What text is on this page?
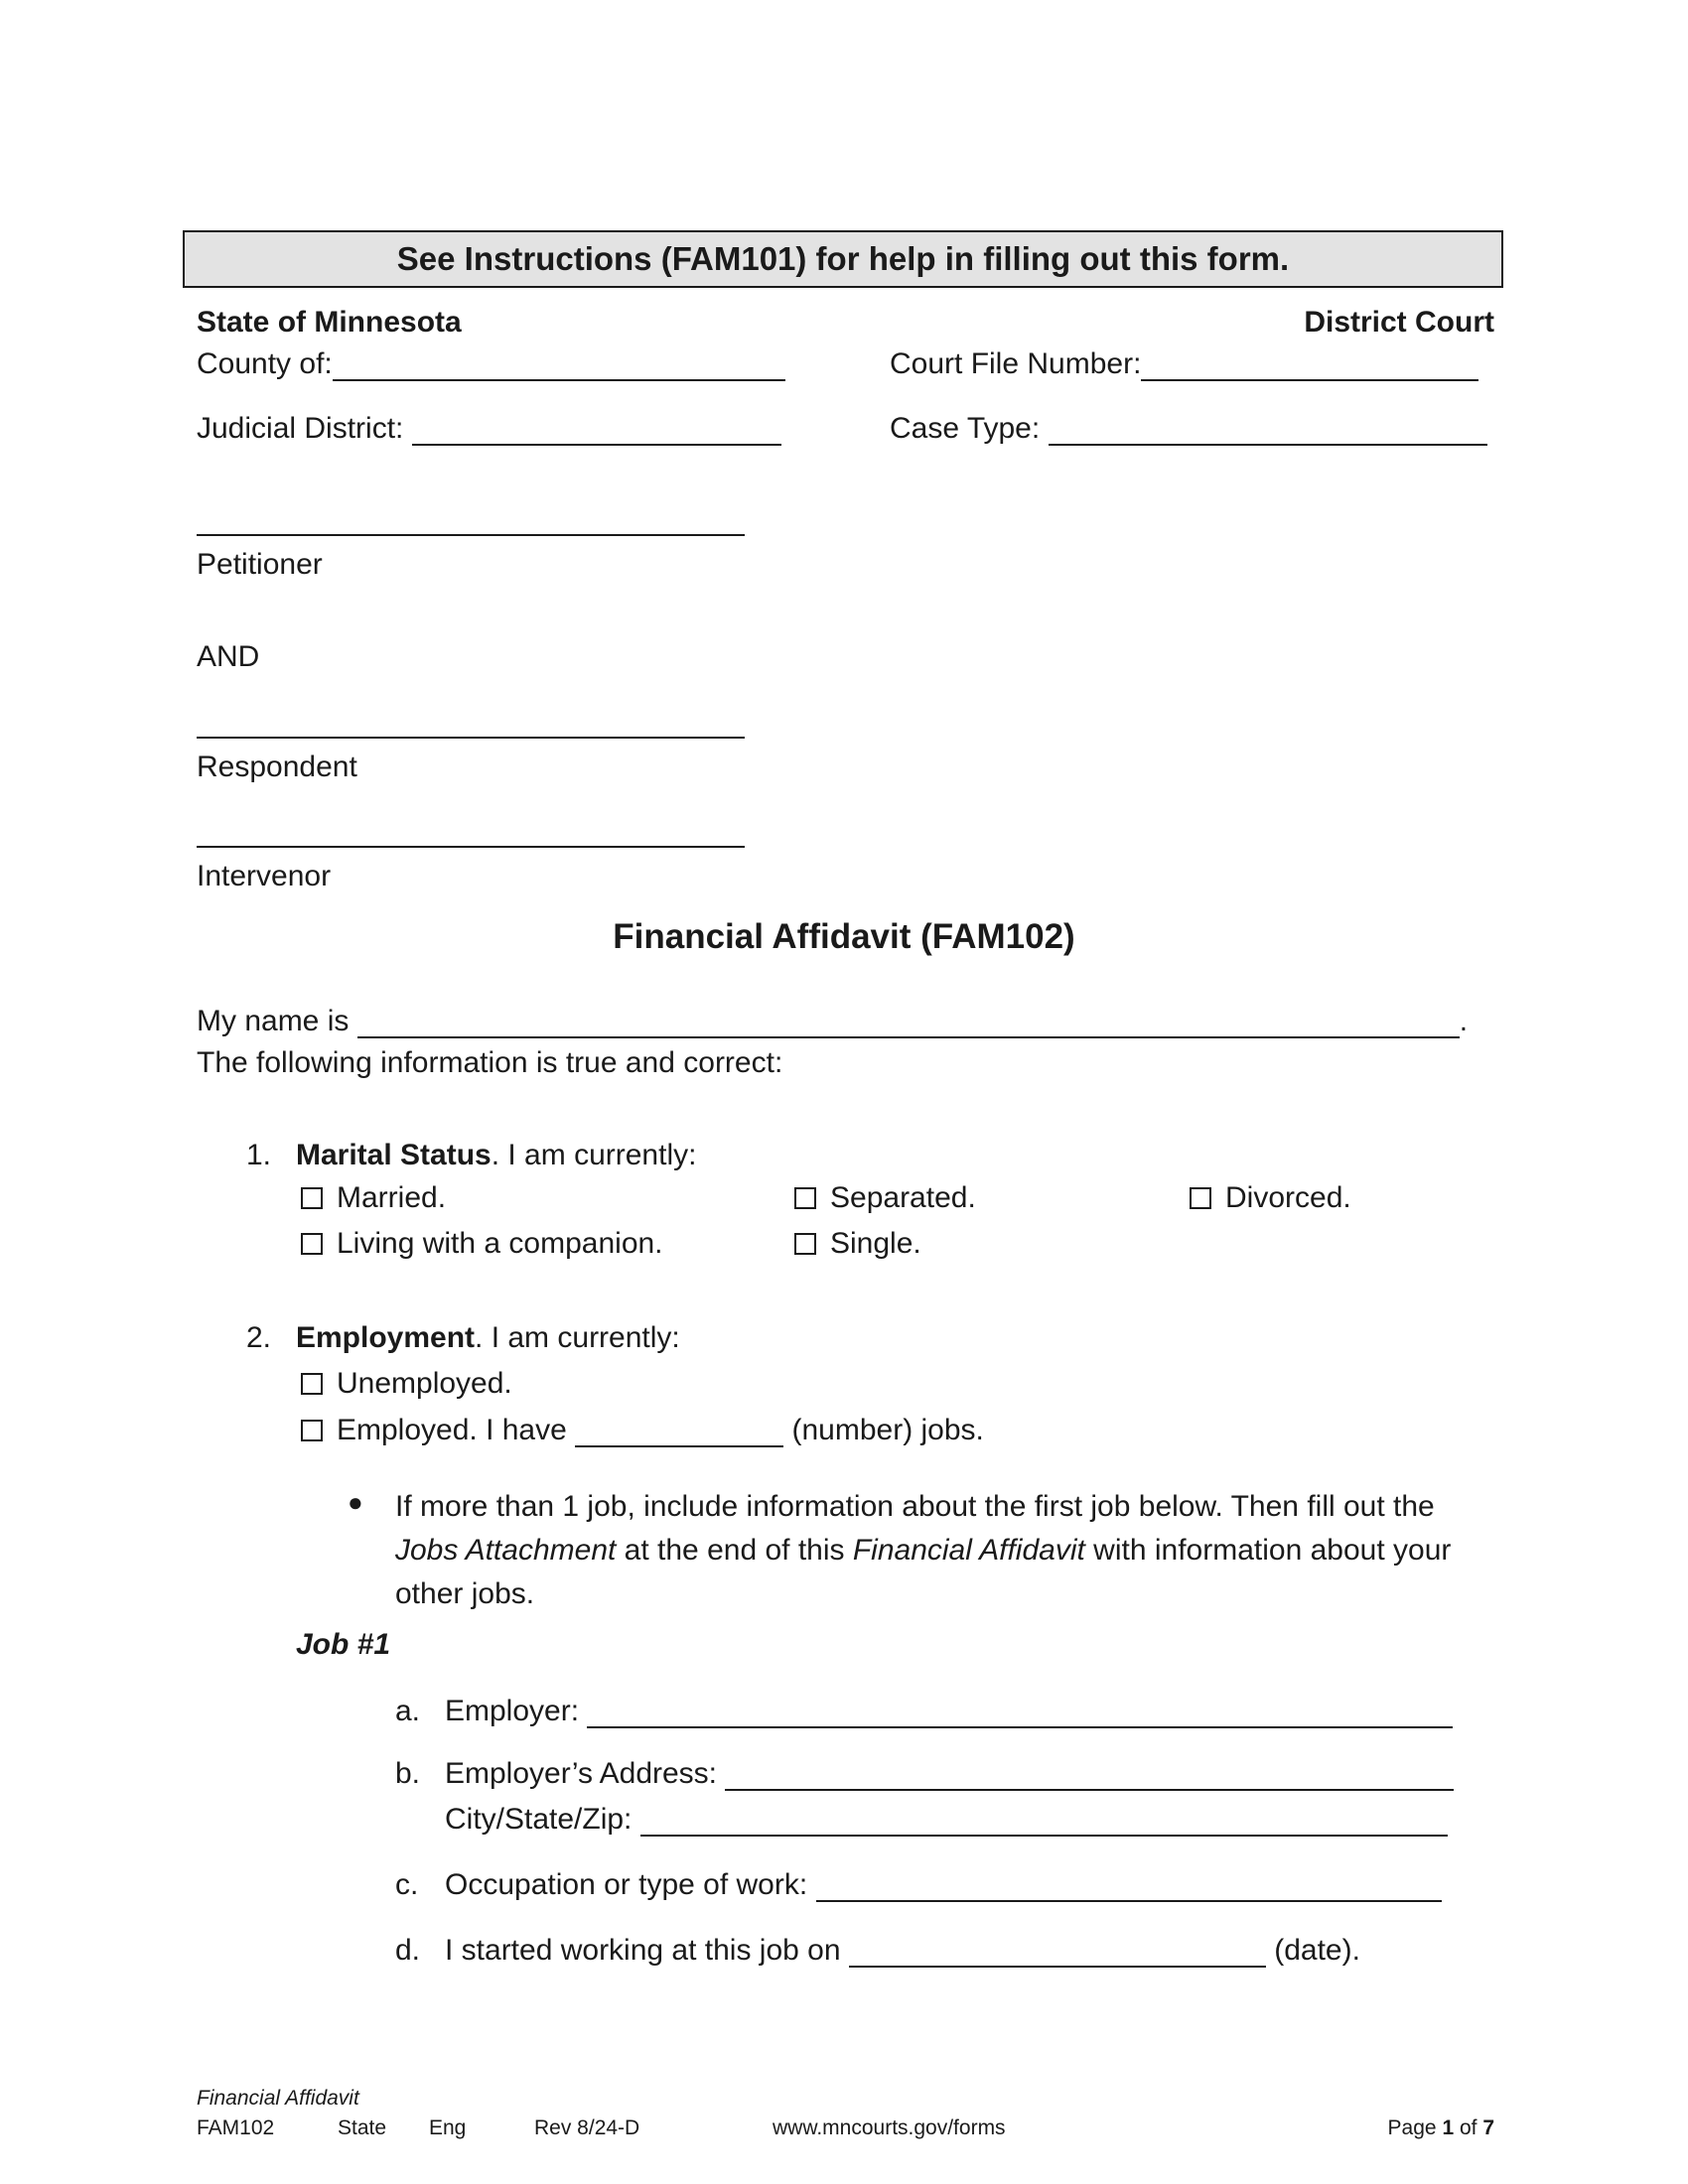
See Instructions (FAM101) for help in filling out this form.
State of Minnesota	District Court
County of:	Court File Number:
Judicial District:	Case Type:
Petitioner
AND
Respondent
Intervenor
Financial Affidavit (FAM102)
My name is	.
The following information is true and correct:
1. Marital Status. I am currently:
Married.	Separated.	Divorced.
Living with a companion.	Single.
2. Employment. I am currently:
Unemployed.
Employed. I have	(number) jobs.
● If more than 1 job, include information about the first job below. Then fill out the Jobs Attachment at the end of this Financial Affidavit with information about your other jobs.
Job #1
a. Employer:
b. Employer’s Address:
City/State/Zip:
c. Occupation or type of work:
d. I started working at this job on	(date).
Financial Affidavit
FAM102	State Eng	Rev 8/24-D	www.mncourts.gov/forms	Page 1 of 7
